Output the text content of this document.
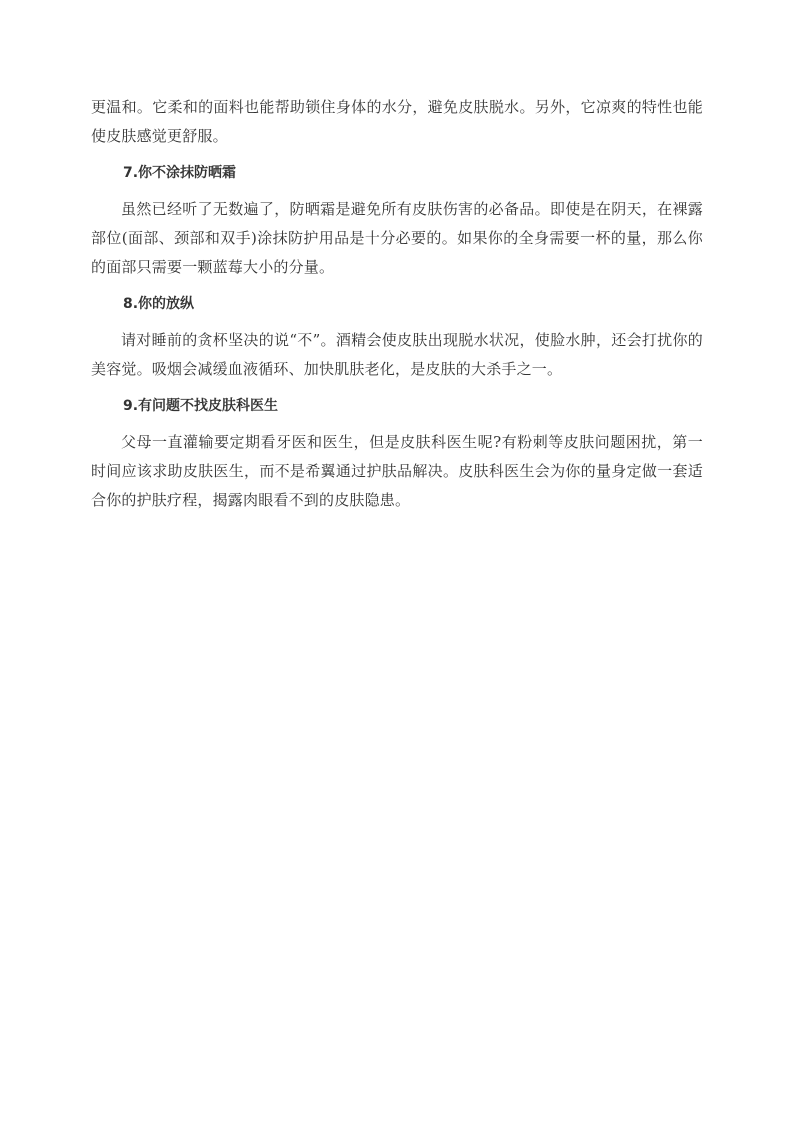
更温和。它柔和的面料也能帮助锁住身体的水分，避免皮肤脱水。另外，它凉爽的特性也能使皮肤感觉更舒服。

7.你不涂抹防晒霜

虽然已经听了无数遍了，防晒霜是避免所有皮肤伤害的必备品。即使是在阴天，在裸露部位(面部、颈部和双手)涂抹防护用品是十分必要的。如果你的全身需要一杯的量，那么你的面部只需要一颗蓝莓大小的分量。

8.你的放纵

请对睡前的贪杯坚决的说“不”。酒精会使皮肤出现脱水状况，使脸水肿，还会打扰你的美容觉。吸烟会减缓血液循环、加快肌肤老化，是皮肤的大杀手之一。

9.有问题不找皮肤科医生

父母一直灌输要定期看牙医和医生，但是皮肤科医生呢?有粉刺等皮肤问题困扰，第一时间应该求助皮肤医生，而不是希翼通过护肤品解决。皮肤科医生会为你的量身定做一套适合你的护肤疗程，揭露肉眼看不到的皮肤隐患。
